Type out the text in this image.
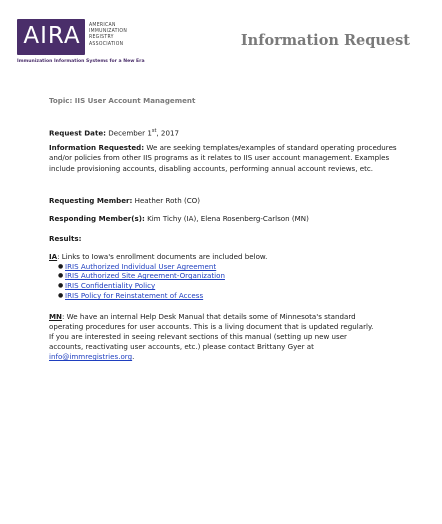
AIRA	AMERICAN
IMMUNIZATION
REGISTRY
ASSOCIATION
Immunization Information Systems for a New Era
Information Request
Topic: IIS User Account Management
Request Date: December 1st, 2017
Information Requested: We are seeking templates/examples of standard operating procedures and/or policies from other IIS programs as it relates to IIS user account management. Examples include provisioning accounts, disabling accounts, performing annual account reviews, etc.
Requesting Member: Heather Roth (CO)
Responding Member(s): Kim Tichy (IA), Elena Rosenberg-Carlson (MN)
Results:
IA: Links to Iowa's enrollment documents are included below.
● IRIS Authorized Individual User Agreement
● IRIS Authorized Site Agreement-Organization
● IRIS Confidentiality Policy
● IRIS Policy for Reinstatement of Access
MN: We have an internal Help Desk Manual that details some of Minnesota's standard
operating procedures for user accounts. This is a living document that is updated regularly.
If you are interested in seeing relevant sections of this manual (setting up new user
accounts, reactivating user accounts, etc.) please contact Brittany Gyer at
info@immregistries.org.
